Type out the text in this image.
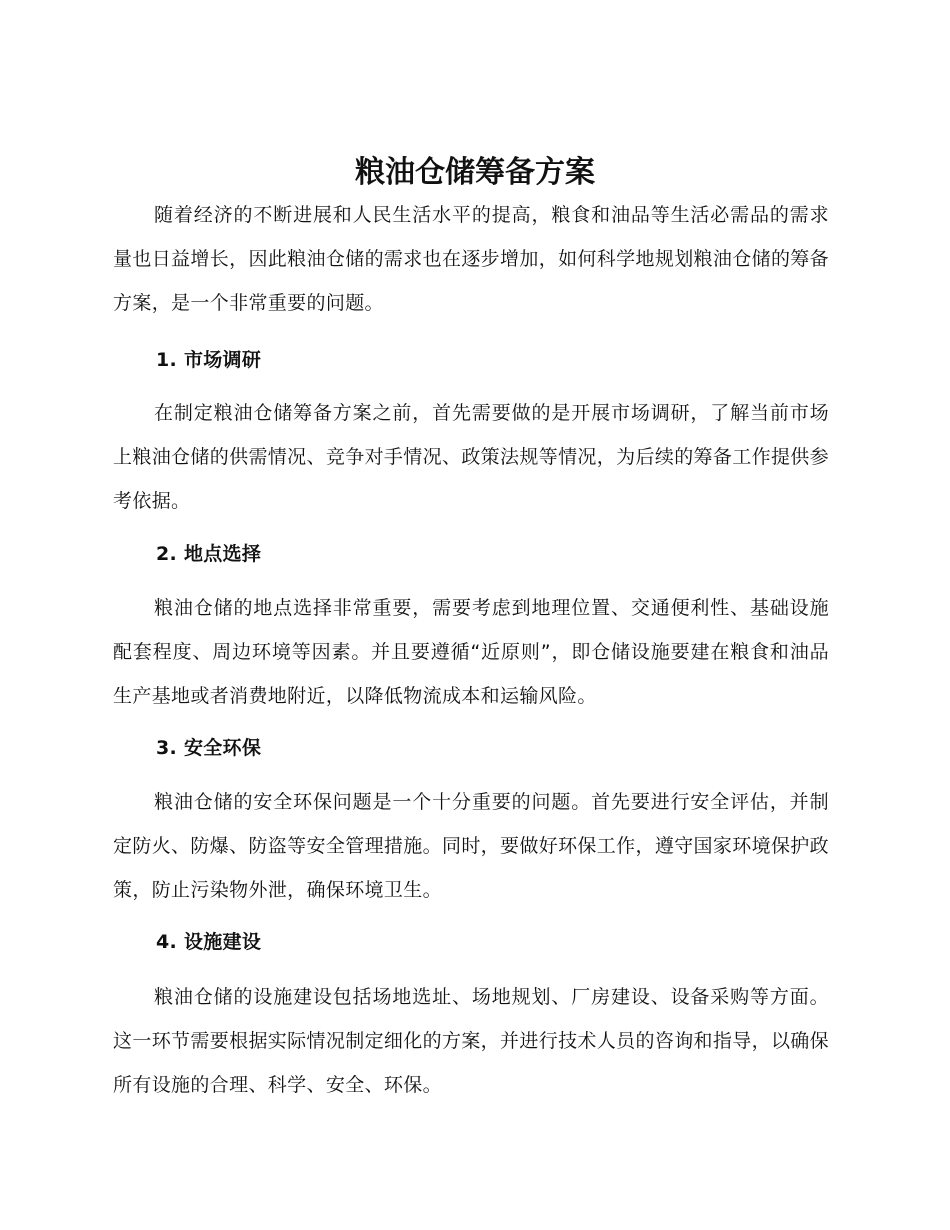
粮油仓储筹备方案

随着经济的不断进展和人民生活水平的提高，粮食和油品等生活必需品的需求量也日益增长，因此粮油仓储的需求也在逐步增加，如何科学地规划粮油仓储的筹备方案，是一个非常重要的问题。

1. 市场调研

在制定粮油仓储筹备方案之前，首先需要做的是开展市场调研，了解当前市场上粮油仓储的供需情况、竞争对手情况、政策法规等情况，为后续的筹备工作提供参考依据。

2. 地点选择

粮油仓储的地点选择非常重要，需要考虑到地理位置、交通便利性、基础设施配套程度、周边环境等因素。并且要遵循“近原则”，即仓储设施要建在粮食和油品生产基地或者消费地附近，以降低物流成本和运输风险。

3. 安全环保

粮油仓储的安全环保问题是一个十分重要的问题。首先要进行安全评估，并制定防火、防爆、防盗等安全管理措施。同时，要做好环保工作，遵守国家环境保护政策，防止污染物外泄，确保环境卫生。

4. 设施建设

粮油仓储的设施建设包括场地选址、场地规划、厂房建设、设备采购等方面。这一环节需要根据实际情况制定细化的方案，并进行技术人员的咨询和指导，以确保所有设施的合理、科学、安全、环保。
